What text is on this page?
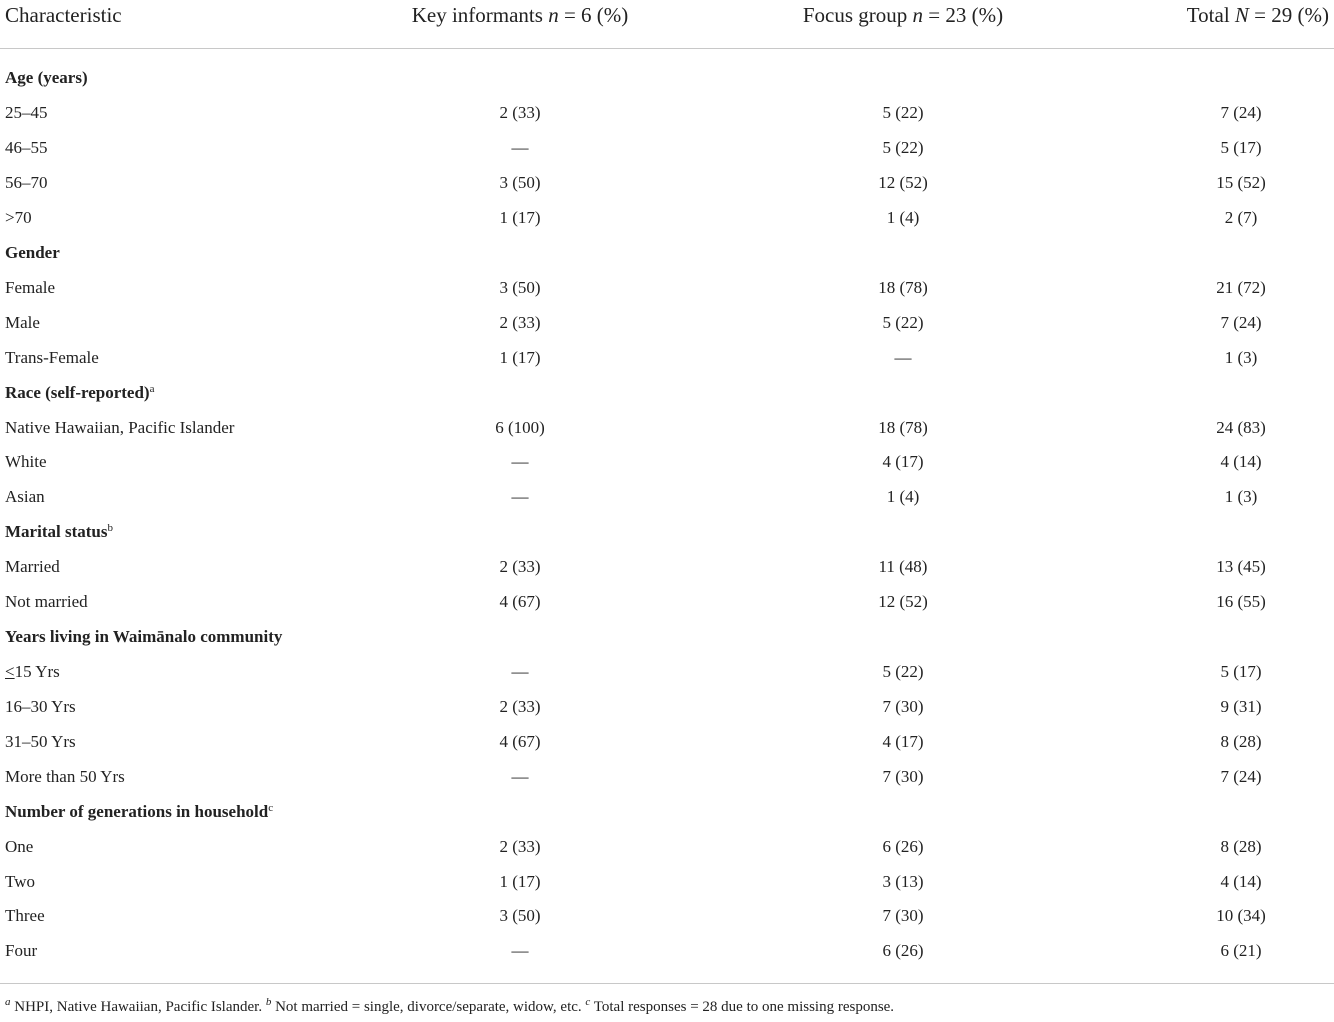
Characteristic	Key informants n = 6 (%)	Focus group n = 23 (%)	Total N = 29 (%)
Age (years)
25–45	2 (33)	5 (22)	7 (24)
46–55	—	5 (22)	5 (17)
56–70	3 (50)	12 (52)	15 (52)
>70	1 (17)	1 (4)	2 (7)
Gender
Female	3 (50)	18 (78)	21 (72)
Male	2 (33)	5 (22)	7 (24)
Trans-Female	1 (17)	—	1 (3)
Race (self-reported)$^a$
Native Hawaiian, Pacific Islander	6 (100)	18 (78)	24 (83)
White	—	4 (17)	4 (14)
Asian	—	1 (4)	1 (3)
Marital status$^b$
Married	2 (33)	11 (48)	13 (45)
Not married	4 (67)	12 (52)	16 (55)
Years living in Waimānalo community
≤15 Yrs	—	5 (22)	5 (17)
16–30 Yrs	2 (33)	7 (30)	9 (31)
31–50 Yrs	4 (67)	4 (17)	8 (28)
More than 50 Yrs	—	7 (30)	7 (24)
Number of generations in household$^c$
One	2 (33)	6 (26)	8 (28)
Two	1 (17)	3 (13)	4 (14)
Three	3 (50)	7 (30)	10 (34)
Four	—	6 (26)	6 (21)
$^a$ NHPI, Native Hawaiian, Pacific Islander. $^b$ Not married = single, divorce/separate, widow, etc. $^c$ Total responses = 28 due to one missing response.
